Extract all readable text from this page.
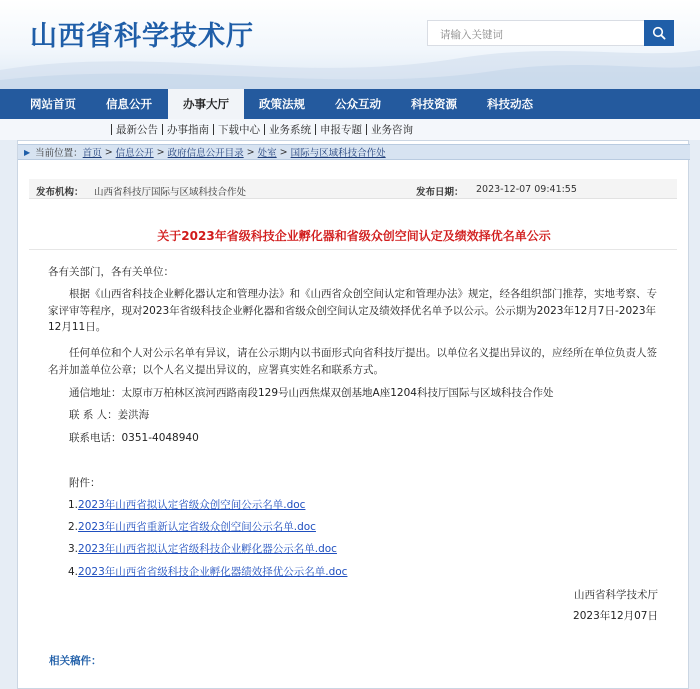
山西省科学技术厅	请输入关键词
网站首页	信息公开	办事大厅	政策法规	公众互动	科技资源	科技动态
最新公告 办事指南 下载中心 业务系统 申报专题 业务咨询
▶ 当前位置： 首页 > 信息公开 > 政府信息公开目录 > 处室 > 国际与区域科技合作处
发布机构： 山西省科技厅国际与区域科技合作处	发布日期： 2023-12-07 09:41:55
关于2023年省级科技企业孵化器和省级众创空间认定及绩效择优名单公示
各有关部门，各有关单位：
根据《山西省科技企业孵化器认定和管理办法》和《山西省众创空间认定和管理办法》规定，经各组织部门推荐，实地考察、专家评审等程序，现对2023年省级科技企业孵化器和省级众创空间认定及绩效择优名单予以公示。公示期为2023年12月7日-2023年12月11日。
任何单位和个人对公示名单有异议，请在公示期内以书面形式向省科技厅提出。以单位名义提出异议的，应经所在单位负责人签名并加盖单位公章；以个人名义提出异议的，应署真实姓名和联系方式。
通信地址：太原市万柏林区滨河西路南段129号山西焦煤双创基地A座1204科技厅国际与区域科技合作处
联 系 人：姜洪海
联系电话：0351-4048940
附件：
1.2023年山西省拟认定省级众创空间公示名单.doc
2.2023年山西省重新认定省级众创空间公示名单.doc
3.2023年山西省拟认定省级科技企业孵化器公示名单.doc
4.2023年山西省省级科技企业孵化器绩效择优公示名单.doc
山西省科学技术厅
2023年12月07日
相关稿件：
